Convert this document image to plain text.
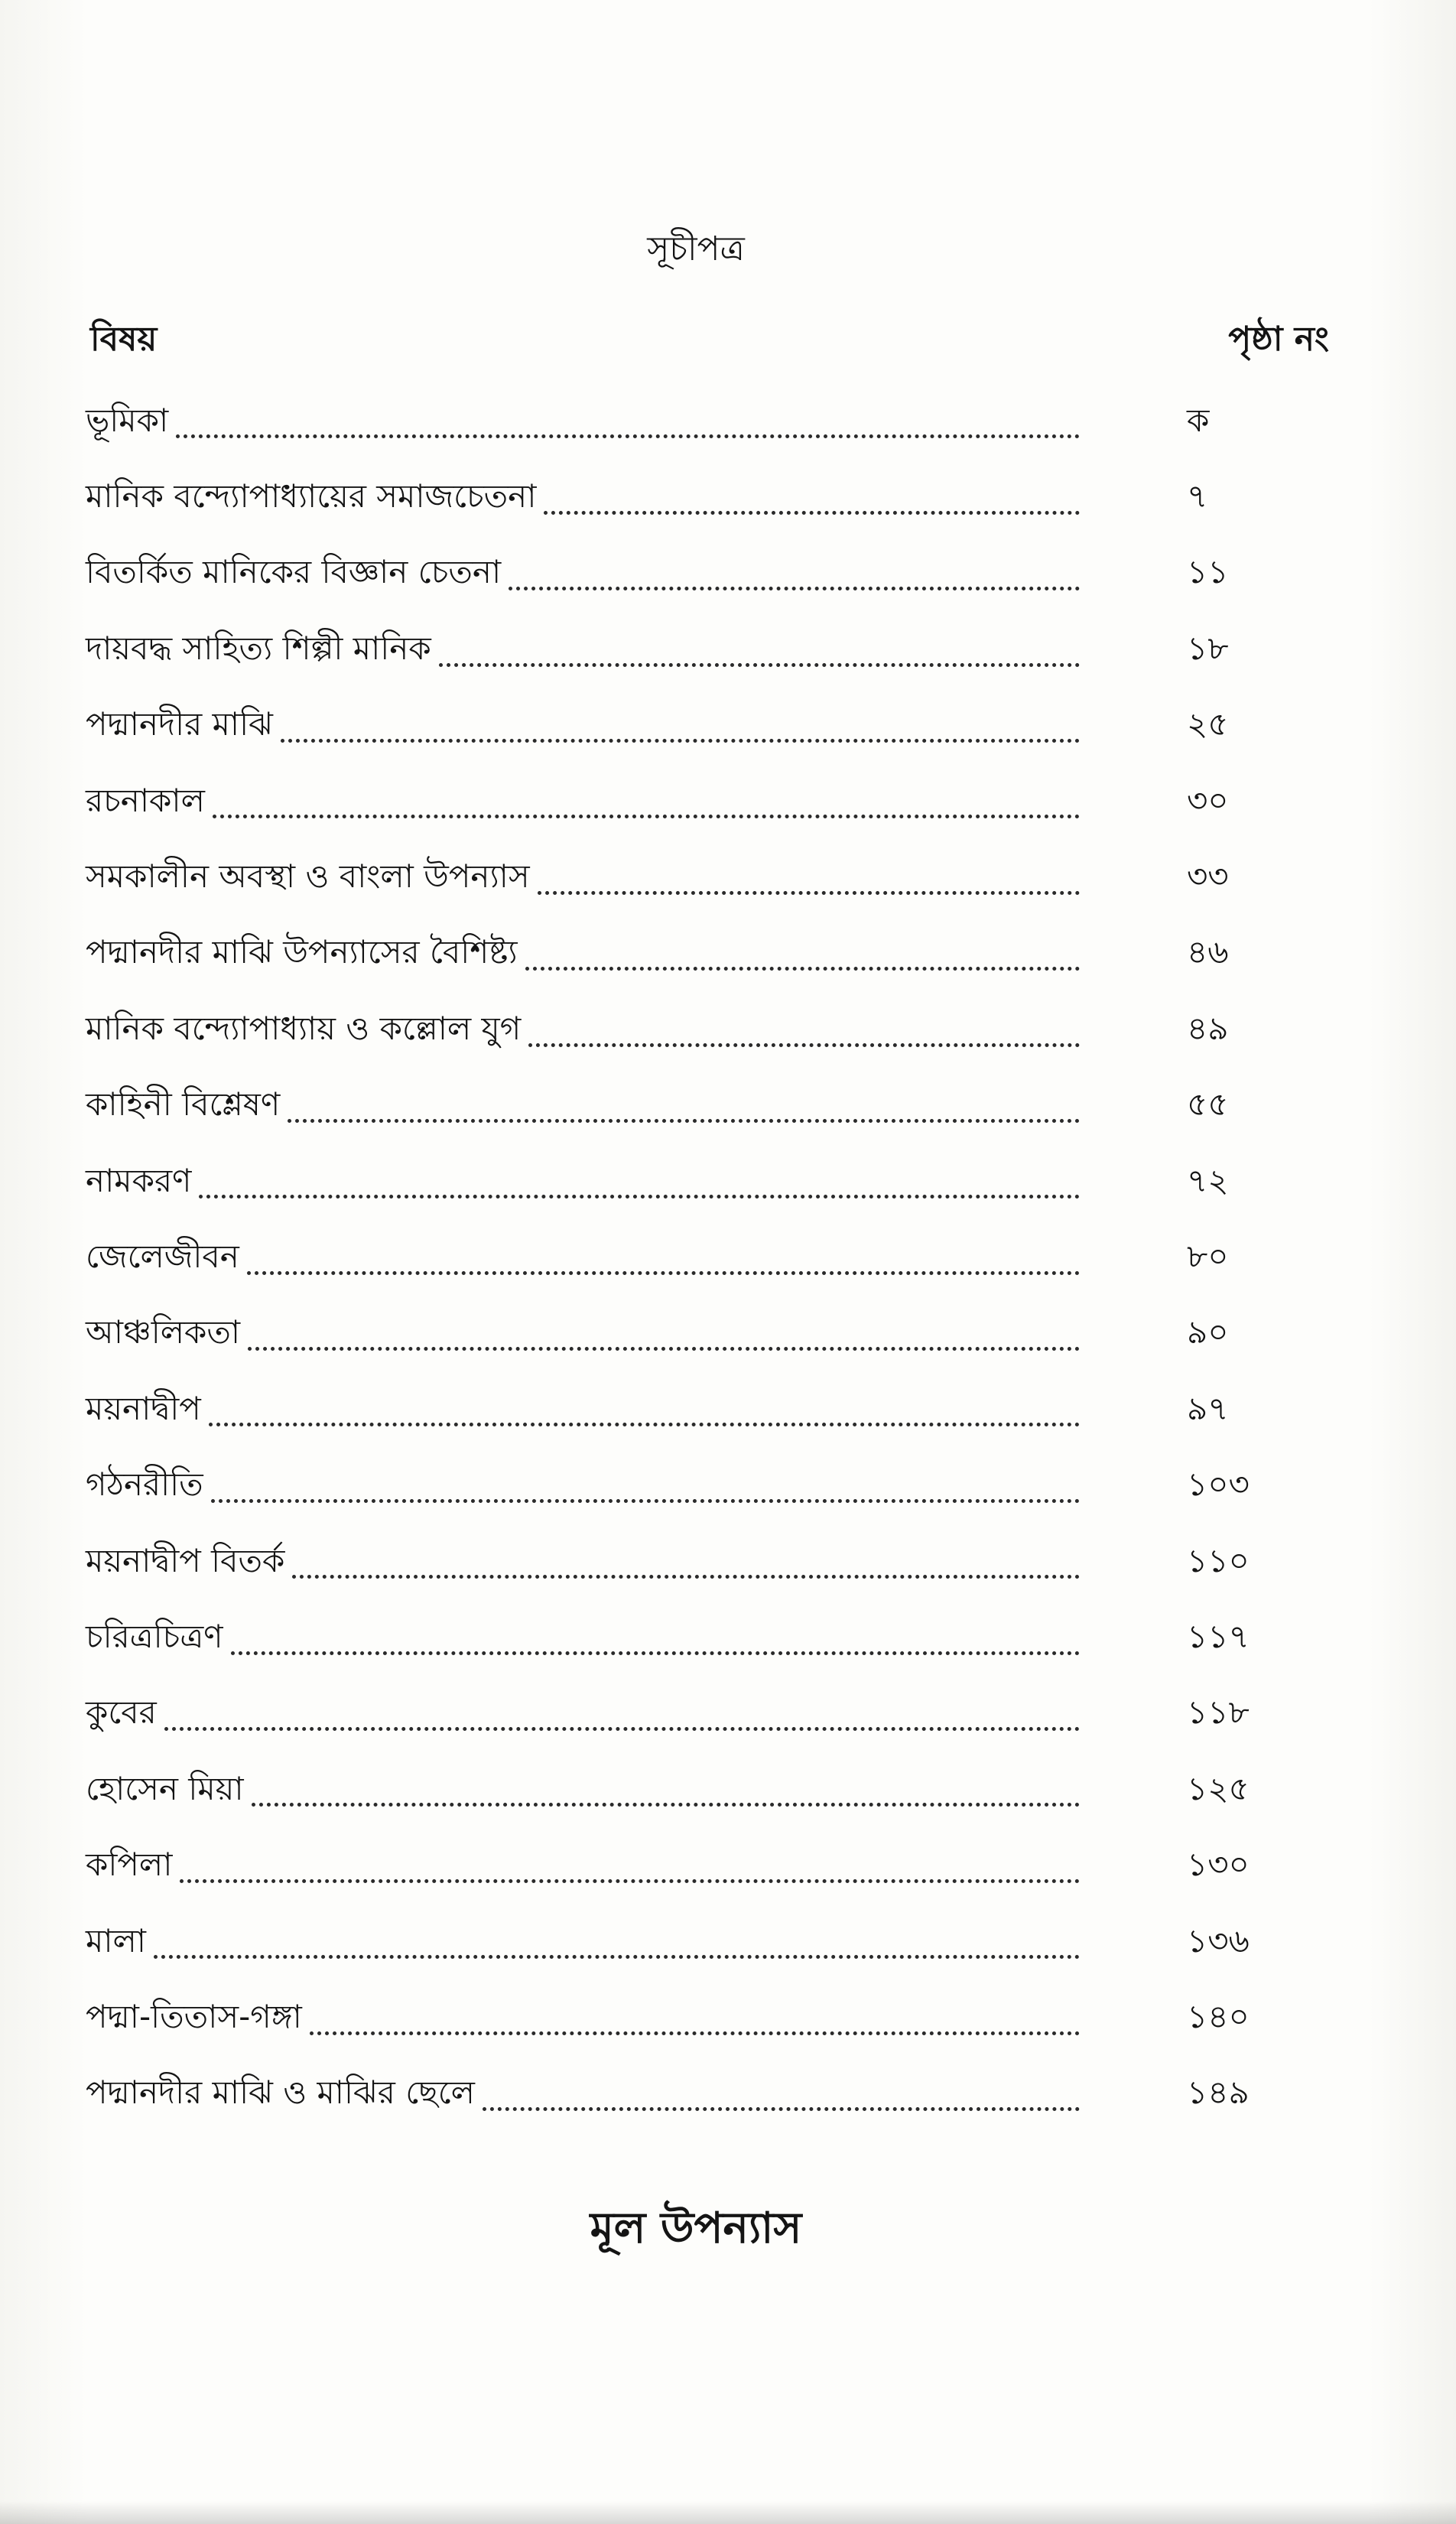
সূচীপত্র
বিষয়	পৃষ্ঠা নং
ভূমিকা	ক
মানিক বন্দ্যোপাধ্যায়ের সমাজচেতনা	৭
বিতর্কিত মানিকের বিজ্ঞান চেতনা	১১
দায়বদ্ধ সাহিত্য শিল্পী মানিক	১৮
পদ্মানদীর মাঝি	২৫
রচনাকাল	৩০
সমকালীন অবস্থা ও বাংলা উপন্যাস	৩৩
পদ্মানদীর মাঝি উপন্যাসের বৈশিষ্ট্য	৪৬
মানিক বন্দ্যোপাধ্যায় ও কল্লোল যুগ	৪৯
কাহিনী বিশ্লেষণ	৫৫
নামকরণ	৭২
জেলেজীবন	৮০
আঞ্চলিকতা	৯০
ময়নাদ্বীপ	৯৭
গঠনরীতি	১০৩
ময়নাদ্বীপ বিতর্ক	১১০
চরিত্রচিত্রণ	১১৭
কুবের	১১৮
হোসেন মিয়া	১২৫
কপিলা	১৩০
মালা	১৩৬
পদ্মা-তিতাস-গঙ্গা	১৪০
পদ্মানদীর মাঝি ও মাঝির ছেলে	১৪৯
মূল উপন্যাস
